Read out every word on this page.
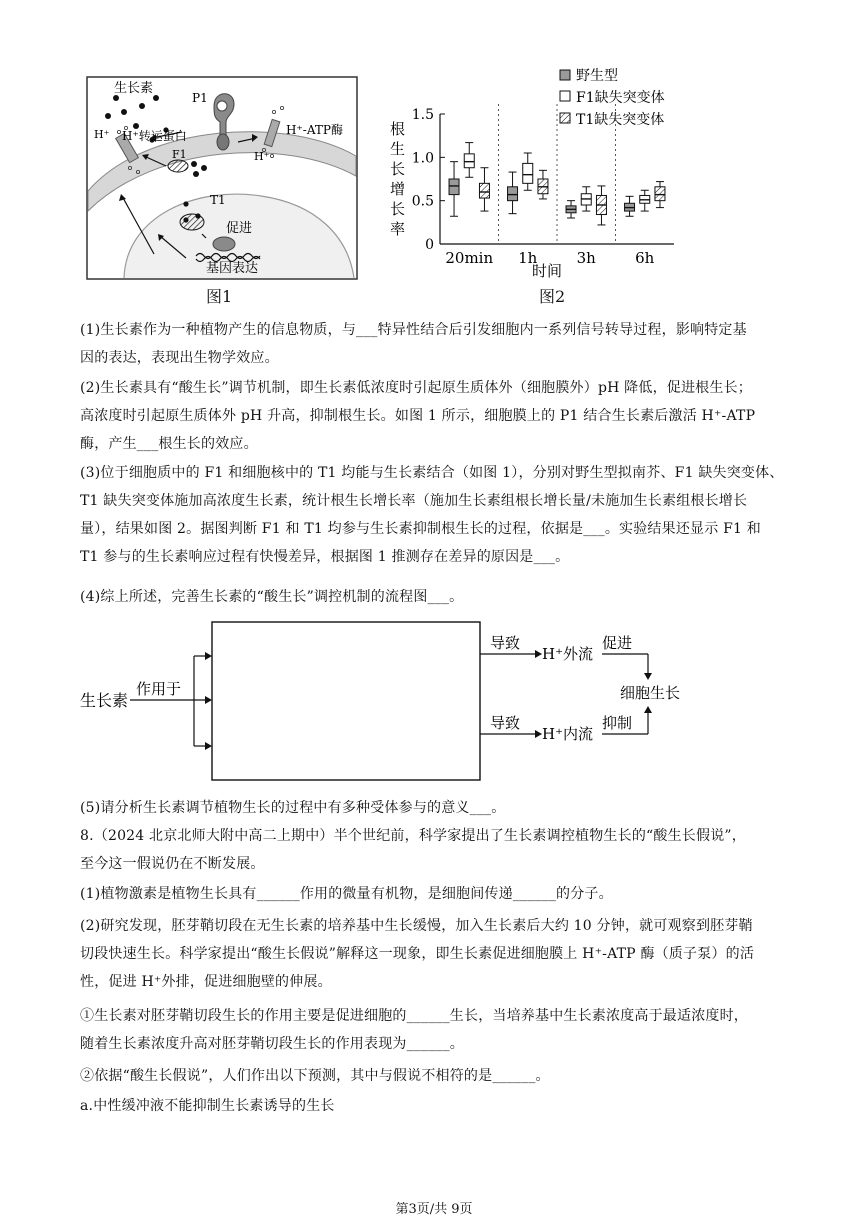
生长素
P1
H⁺ H⁺转运蛋白
F1
H⁺-ATP酶
H⁺
T1
促进
基因表达
图1
野生型
F1缺失突变体
T1缺失突变体
根
生
长
增
长
率
0
0.5
1.0
1.5
20min 1h	3h	6h
时间
图2
(1)生长素作为一种植物产生的信息物质，与___特异性结合后引发细胞内一系列信号转导过程，影响特定基
因的表达，表现出生物学效应。
(2)生长素具有“酸生长”调节机制，即生长素低浓度时引起原生质体外（细胞膜外）pH 降低，促进根生长；
高浓度时引起原生质体外 pH 升高，抑制根生长。如图 1 所示，细胞膜上的 P1 结合生长素后激活 H⁺-ATP
酶，产生___根生长的效应。
(3)位于细胞质中的 F1 和细胞核中的 T1 均能与生长素结合（如图 1），分别对野生型拟南芥、F1 缺失突变体、
T1 缺失突变体施加高浓度生长素，统计根生长增长率（施加生长素组根长增长量/未施加生长素组根长增长
量），结果如图 2。据图判断 F1 和 T1 均参与生长素抑制根生长的过程，依据是___。实验结果还显示 F1 和
T1 参与的生长素响应过程有快慢差异，根据图 1 推测存在差异的原因是___。
(4)综上所述，完善生长素的“酸生长”调控机制的流程图___。
生长素
作用于
导致
H⁺外流
促进
细胞生长
导致
H⁺内流
抑制
(5)请分析生长素调节植物生长的过程中有多种受体参与的意义___。
8.（2024 北京北师大附中高二上期中）半个世纪前，科学家提出了生长素调控植物生长的“酸生长假说”，
至今这一假说仍在不断发展。
(1)植物激素是植物生长具有______作用的微量有机物，是细胞间传递______的分子。
(2)研究发现，胚芽鞘切段在无生长素的培养基中生长缓慢，加入生长素后大约 10 分钟，就可观察到胚芽鞘
切段快速生长。科学家提出“酸生长假说”解释这一现象，即生长素促进细胞膜上 H⁺-ATP 酶（质子泵）的活
性，促进 H⁺外排，促进细胞壁的伸展。
①生长素对胚芽鞘切段生长的作用主要是促进细胞的______生长，当培养基中生长素浓度高于最适浓度时，
随着生长素浓度升高对胚芽鞘切段生长的作用表现为______。
②依据“酸生长假说”，人们作出以下预测，其中与假说不相符的是______。
a.中性缓冲液不能抑制生长素诱导的生长
第3页/共 9页
